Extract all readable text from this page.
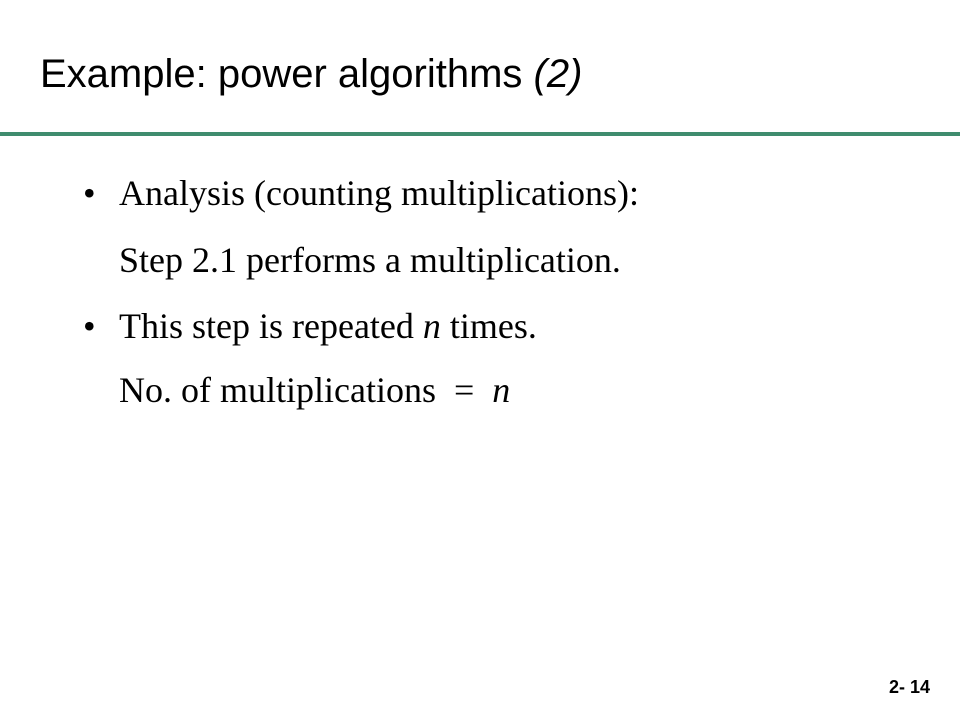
Example: power algorithms (2)
• Analysis (counting multiplications):
Step 2.1 performs a multiplication.
• This step is repeated n times.
No. of multiplications  =  n
2- 14
